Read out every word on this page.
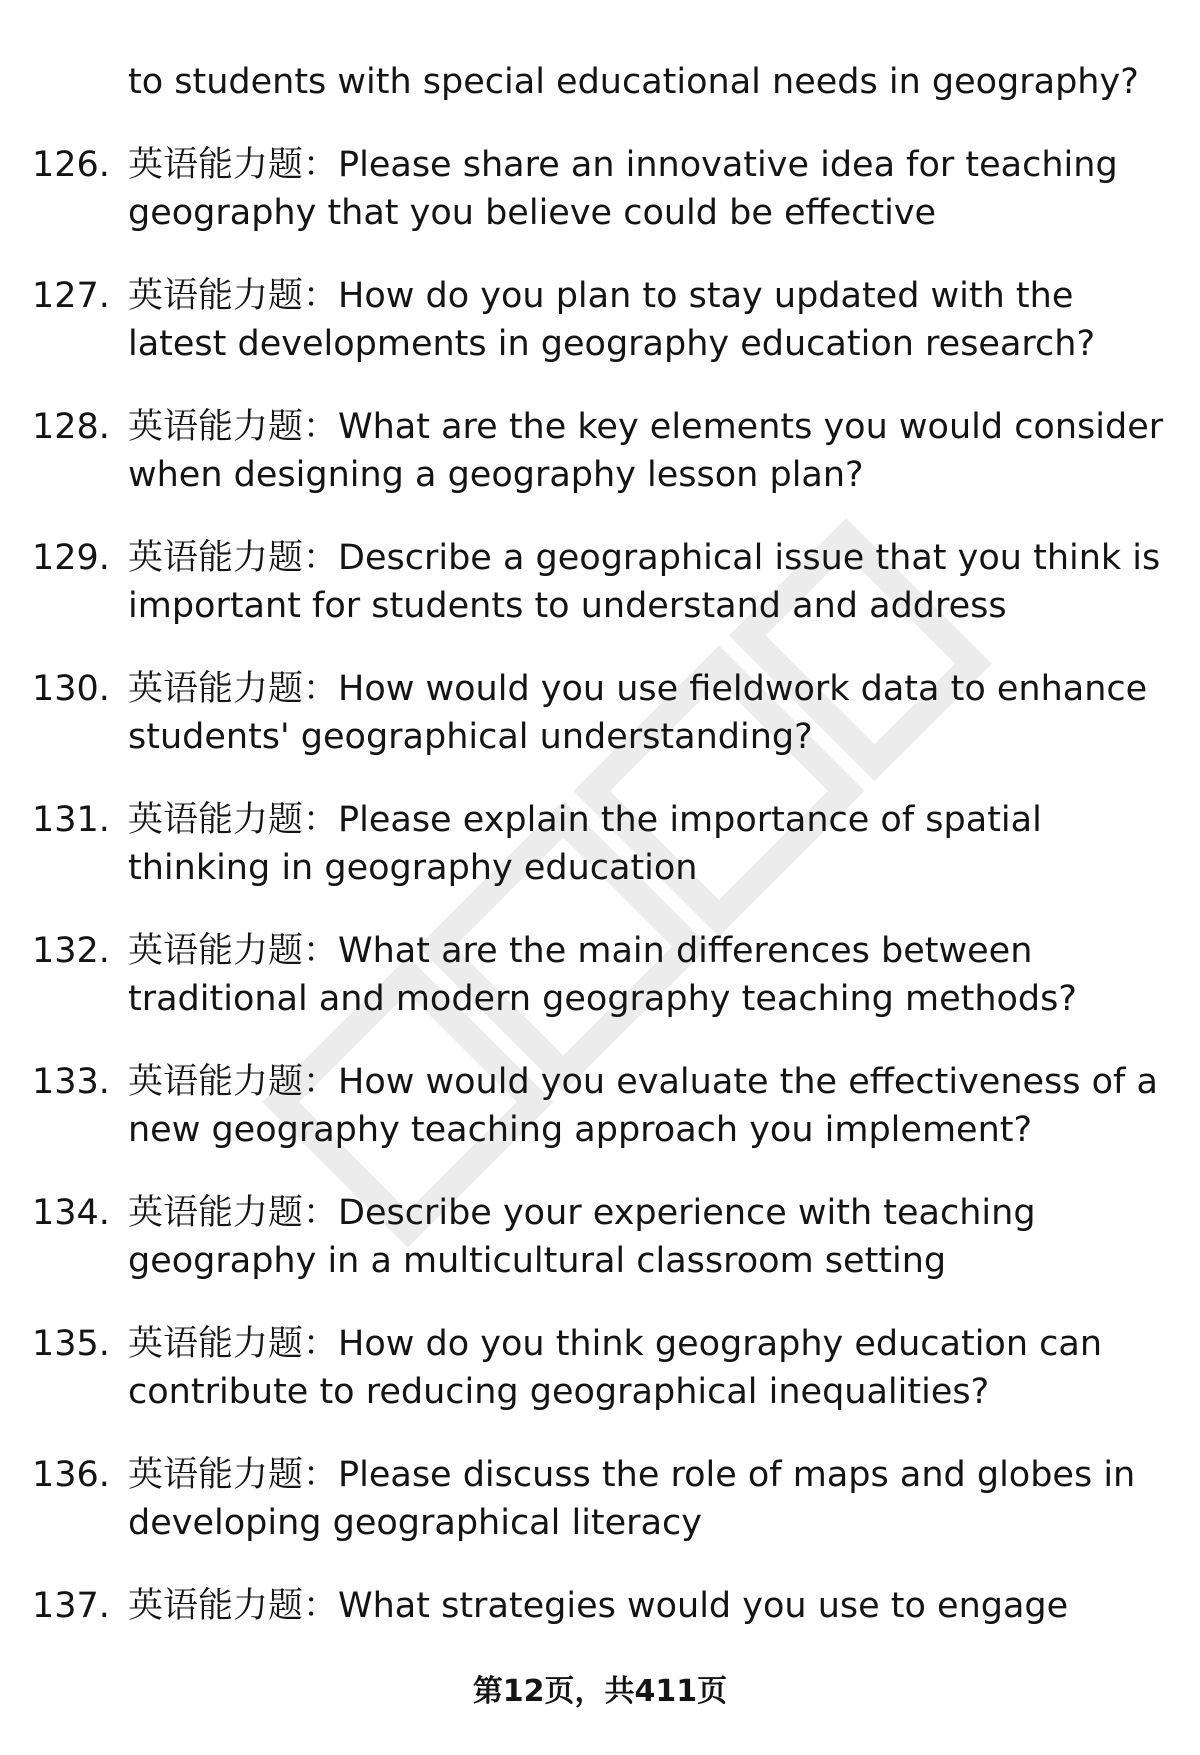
to students with special educational needs in geography?
126. 英语能力题：Please share an innovative idea for teaching
geography that you believe could be effective
127. 英语能力题：How do you plan to stay updated with the
latest developments in geography education research?
128. 英语能力题：What are the key elements you would consider
when designing a geography lesson plan?
129. 英语能力题：Describe a geographical issue that you think is
important for students to understand and address
130. 英语能力题：How would you use fieldwork data to enhance
students' geographical understanding?
131. 英语能力题：Please explain the importance of spatial
thinking in geography education
132. 英语能力题：What are the main differences between
traditional and modern geography teaching methods?
133. 英语能力题：How would you evaluate the effectiveness of a
new geography teaching approach you implement?
134. 英语能力题：Describe your experience with teaching
geography in a multicultural classroom setting
135. 英语能力题：How do you think geography education can
contribute to reducing geographical inequalities?
136. 英语能力题：Please discuss the role of maps and globes in
developing geographical literacy
137. 英语能力题：What strategies would you use to engage
第12页，共411页
